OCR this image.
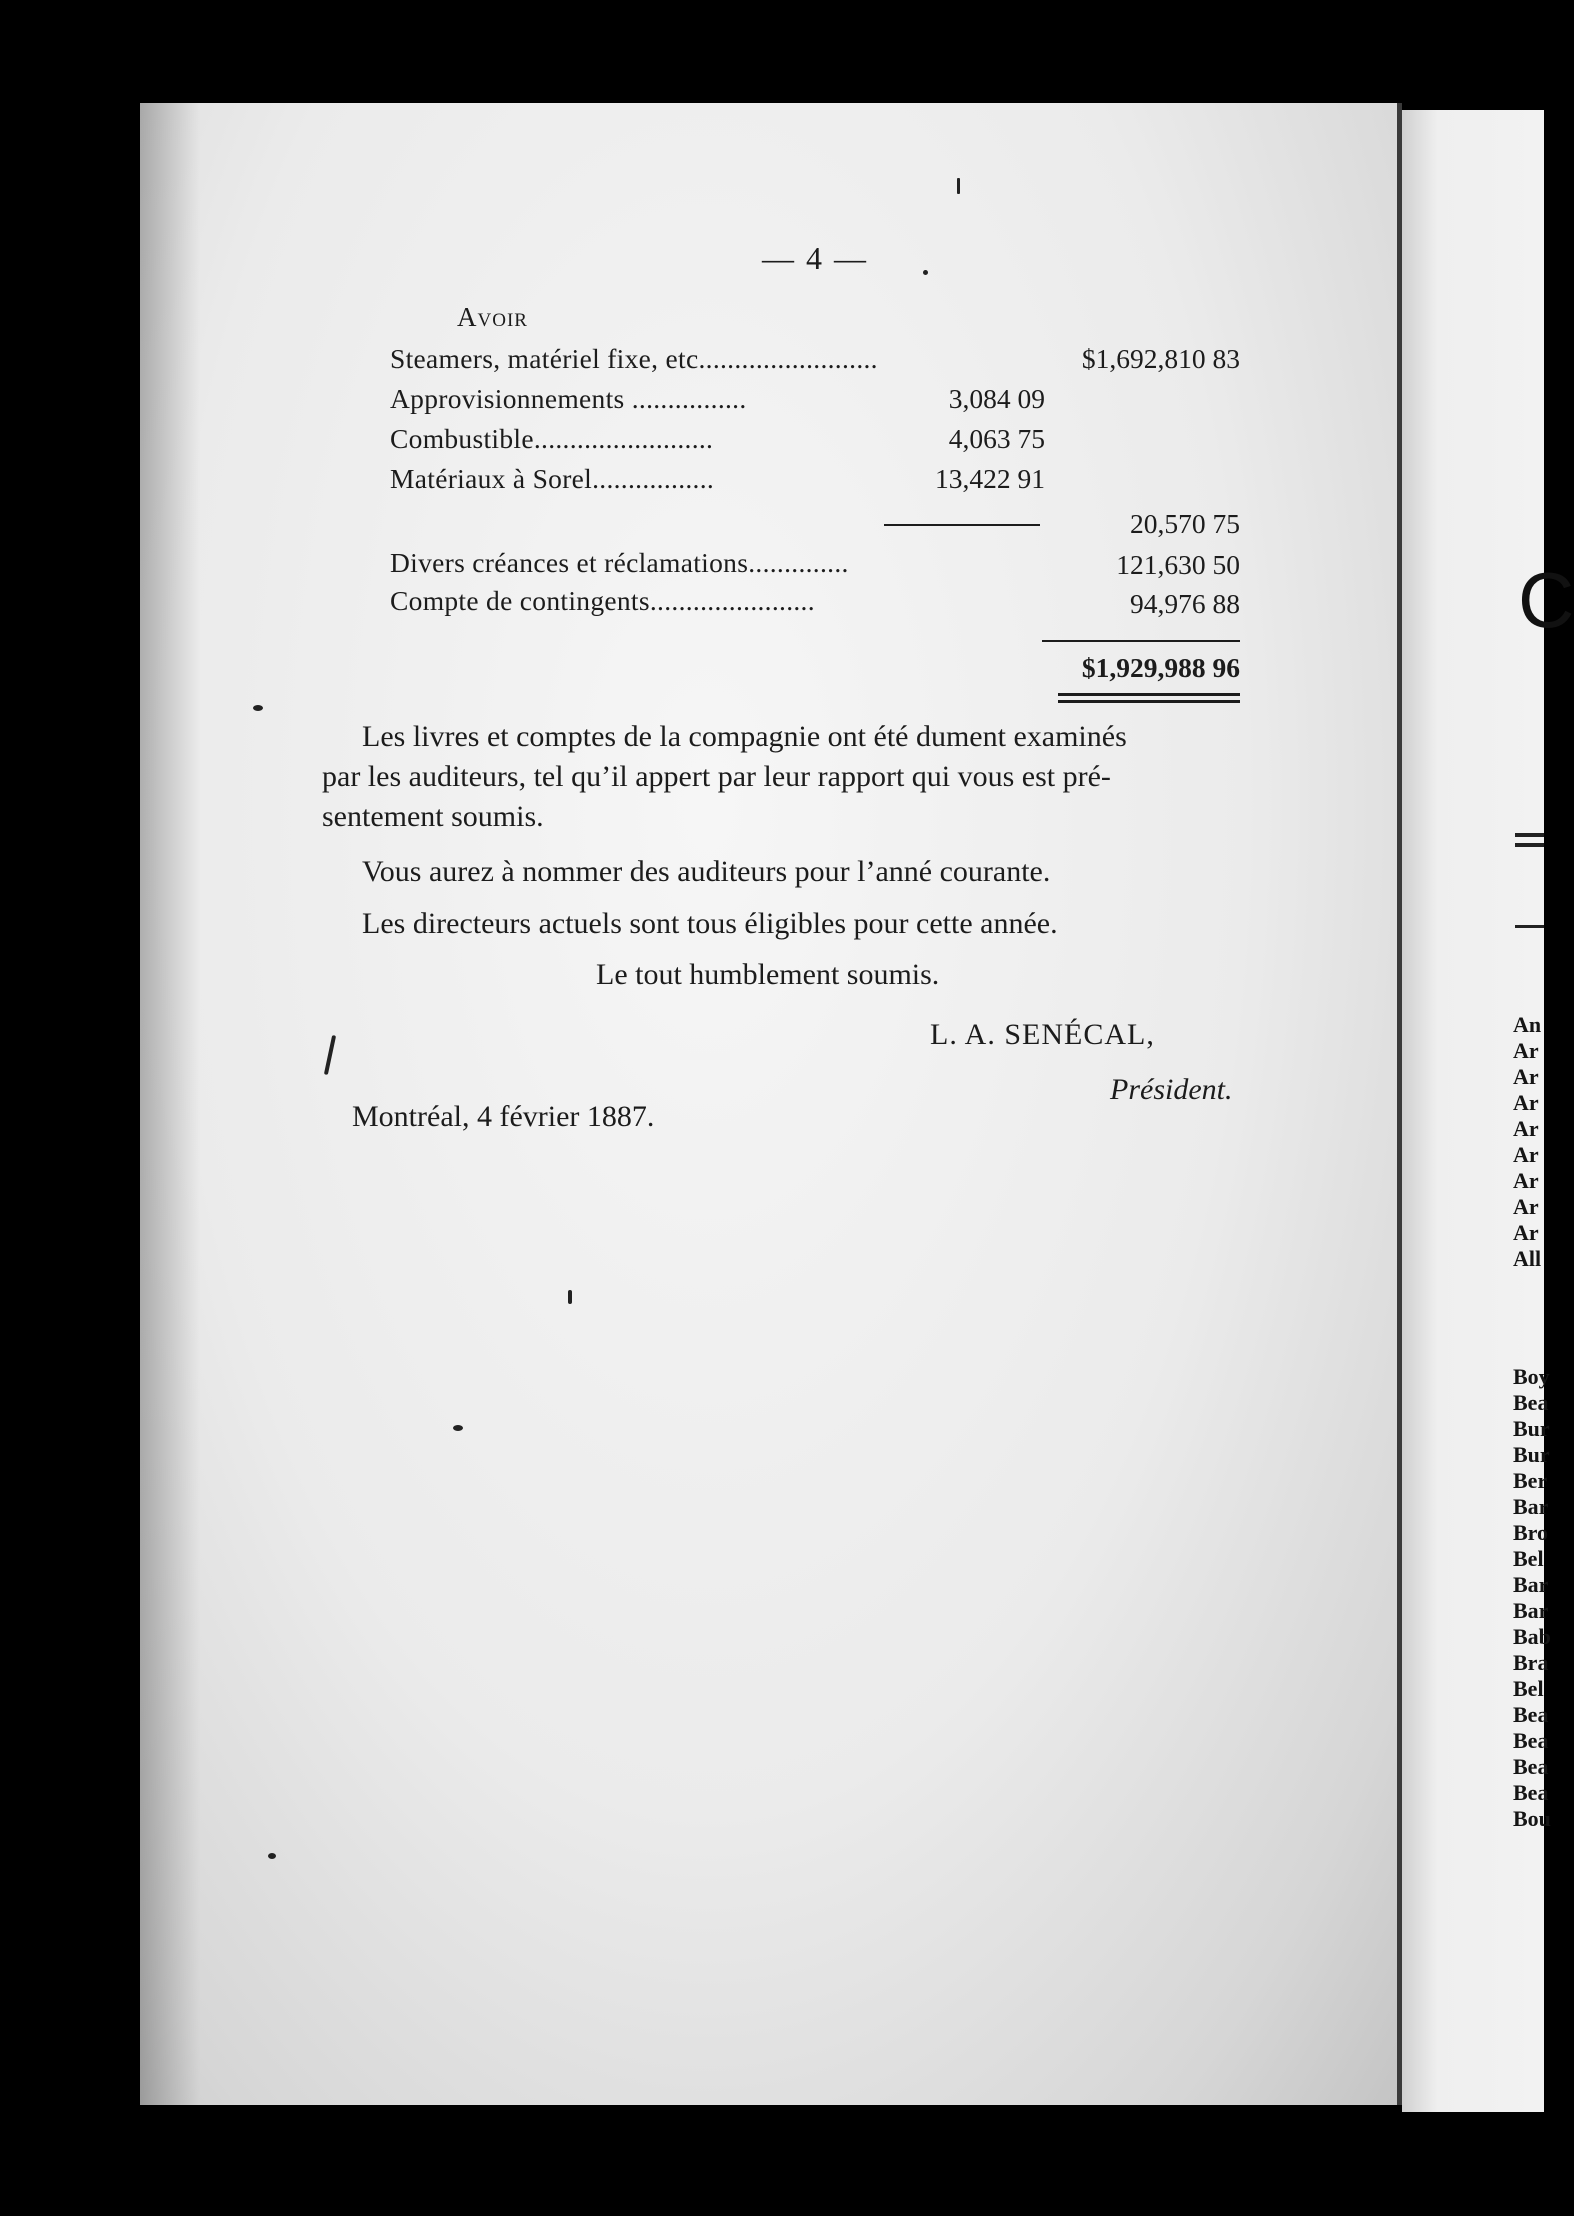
— 4 —
Avoir
Steamers, matériel fixe, etc.........................	$1,692,810 83
Approvisionnements ................	3,084 09
Combustible.........................	4,063 75
Matériaux à Sorel.................	13,422 91
20,570 75
Divers créances et réclamations..............	121,630 50
Compte de contingents.......................	94,976 88
$1,929,988 96
Les livres et comptes de la compagnie ont été dument examinés
par les auditeurs, tel qu’il appert par leur rapport qui vous est pré-
sentement soumis.
Vous aurez à nommer des auditeurs pour l’anné courante.
Les directeurs actuels sont tous éligibles pour cette année.
Le tout humblement soumis.
L. A. SENÉCAL,
Président.
Montréal, 4 février 1887.
C
An
Ar
Ar
Ar
Ar
Ar
Ar
Ar
Ar
All
Boy
Bea
Bur
Bur
Ber
Bar
Bro
Bel
Bar
Bar
Bab
Bra
Bel
Bea
Bea
Bea
Bea
Bou
